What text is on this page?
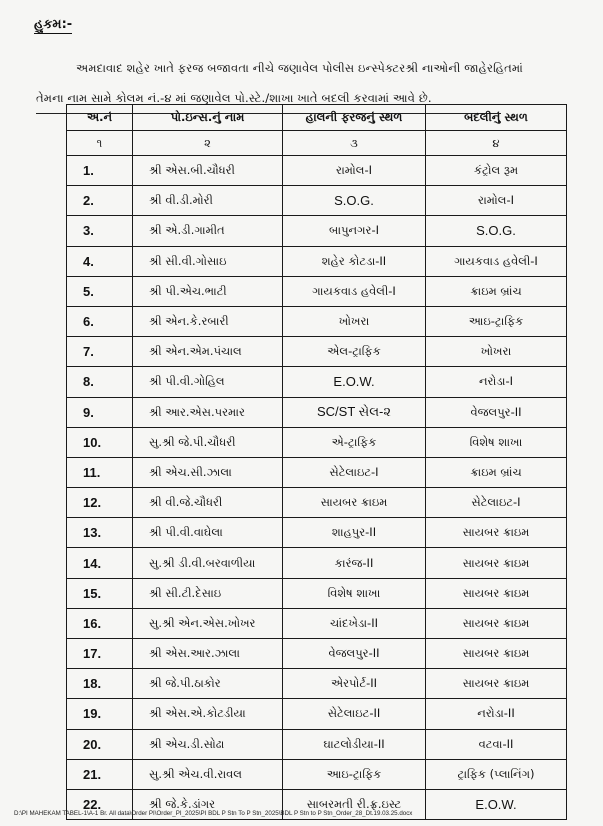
હુકમ:-
અમદાવાદ શહેર ખાતે ફરજ બજાવતા નીચે જણાવેલ પોલીસ ઇન્સ્પેક્ટરશ્રી નાઓની જાહેરહિતમાં
તેમના નામ સામે કોલમ નં.-૪ માં જણાવેલ પો.સ્ટે./શાખા ખાતે બદલી કરવામાં આવે છે.
અ.નં	પો.ઇન્સ.નું નામ	હાલની ફરજનું સ્થળ	બદલીનું સ્થળ
૧	૨	૩	૪
1.	શ્રી એસ.બી.ચૌધરી	રામોલ-I	કંટ્રોલ રૂમ
2.	શ્રી વી.ડી.મોરી	S.O.G.	રામોલ-I
3.	શ્રી એ.ડી.ગામીત	બાપુનગર-I	S.O.G.
4.	શ્રી સી.વી.ગોસાઇ	શહેર કોટડા-II	ગાયકવાડ હવેલી-I
5.	શ્રી પી.એચ.ભાટી	ગાયકવાડ હવેલી-I	ક્રાઇમ બ્રાંચ
6.	શ્રી એન.કે.રબારી	ખોખરા	આઇ-ટ્રાફિક
7.	શ્રી એન.એમ.પંચાલ	એલ-ટ્રાફિક	ખોખરા
8.	શ્રી પી.વી.ગોહિલ	E.O.W.	નરોડા-I
9.	શ્રી આર.એસ.પરમાર	SC/ST સેલ-૨	વેજલપુર-II
10.	સુ.શ્રી જે.પી.ચૌધરી	એ-ટ્રાફિક	વિશેષ શાખા
11.	શ્રી એચ.સી.ઝાલા	સેટેલાઇટ-I	ક્રાઇમ બ્રાંચ
12.	શ્રી વી.જે.ચૌધરી	સાયબર ક્રાઇમ	સેટેલાઇટ-I
13.	શ્રી પી.વી.વાઘેલા	શાહપુર-II	સાયબર ક્રાઇમ
14.	સુ.શ્રી ડી.વી.બરવાળીયા	કારંજ-II	સાયબર ક્રાઇમ
15.	શ્રી સી.ટી.દેસાઇ	વિશેષ શાખા	સાયબર ક્રાઇમ
16.	સુ.શ્રી એન.એસ.ખોખર	ચાંદખેડા-II	સાયબર ક્રાઇમ
17.	શ્રી એસ.આર.ઝાલા	વેજલપુર-II	સાયબર ક્રાઇમ
18.	શ્રી જે.પી.ઠાકોર	એરપોર્ટ-II	સાયબર ક્રાઇમ
19.	શ્રી એસ.એ.કોટડીયા	સેટેલાઇટ-II	નરોડા-II
20.	શ્રી એચ.ડી.સોઢા	ઘાટલોડીયા-II	વટવા-II
21.	સુ.શ્રી એચ.વી.રાવલ	આઇ-ટ્રાફિક	ટ્રાફિક (પ્લાનિંગ)
22.	શ્રી જે.કે.ડાંગર	સાબરમતી રી.ફ્ર.ઇસ્ટ	E.O.W.
D:\PI MAHEKAM TABEL-1\A-1 Br. All data\Order PI\Order_PI_2025\PI BDL P Stn To P Stn_2025\BDL P Stn to P Stn_Order_28_Dt.19.03.25.docx
